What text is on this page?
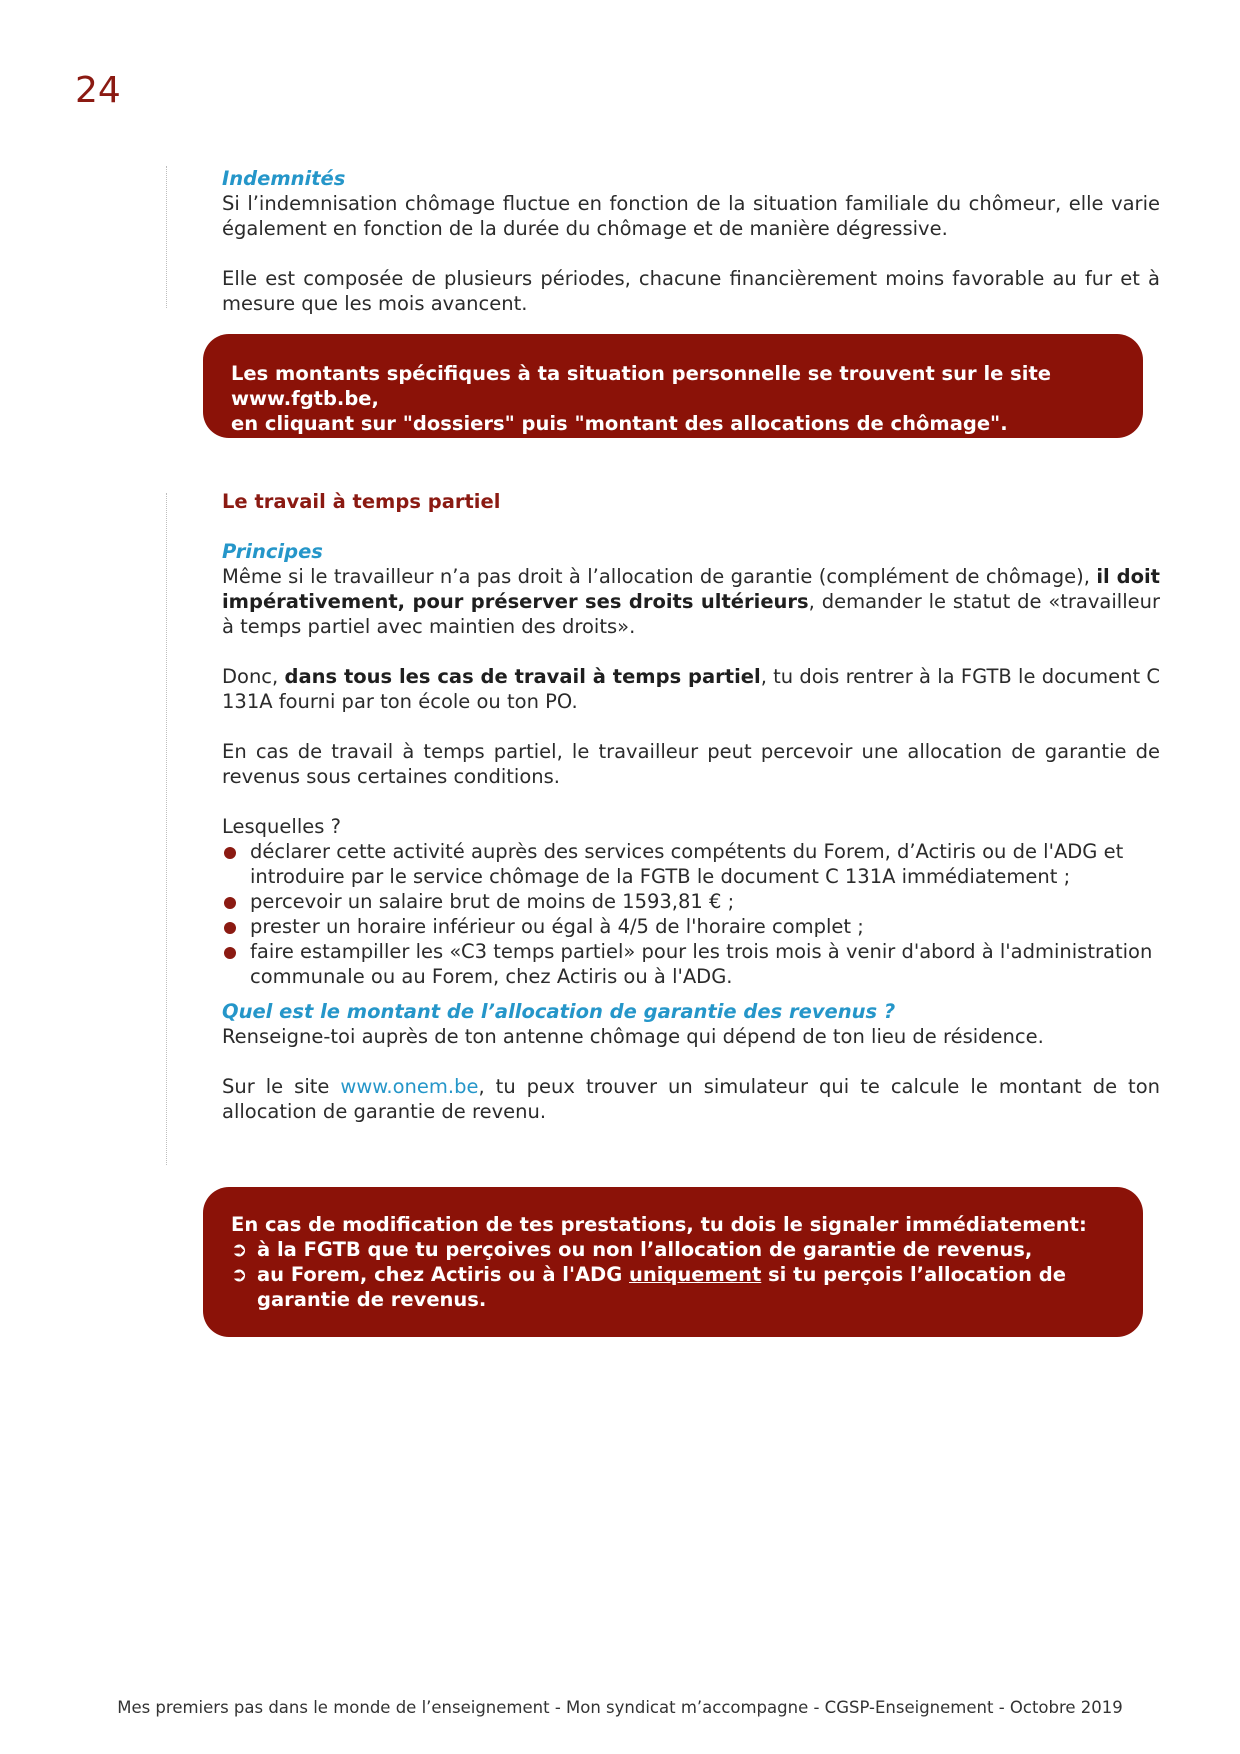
24
Indemnités

Si l’indemnisation chômage fluctue en fonction de la situation familiale du chômeur, elle varie également en fonction de la durée du chômage et de manière dégressive.

Elle est composée de plusieurs périodes, chacune financièrement moins favorable au fur et à mesure que les mois avancent.

Les montants spécifiques à ta situation personnelle se trouvent sur le site www.fgtb.be,
en cliquant sur "dossiers" puis "montant des allocations de chômage".
Le travail à temps partiel
Principes

Même si le travailleur n’a pas droit à l’allocation de garantie (complément de chômage), il doit impérativement, pour préserver ses droits ultérieurs, demander le statut de «travailleur à temps partiel avec maintien des droits».

Donc, dans tous les cas de travail à temps partiel, tu dois rentrer à la FGTB le document C 131A fourni par ton école ou ton PO.

En cas de travail à temps partiel, le travailleur peut percevoir une allocation de garantie de revenus sous certaines conditions.

Lesquelles ?

déclarer cette activité auprès des services compétents du Forem, d’Actiris ou de l'ADG et introduire par le service chômage de la FGTB le document C 131A immédiatement ;
percevoir un salaire brut de moins de 1593,81 € ;
prester un horaire inférieur ou égal à 4/5 de l'horaire complet ;
faire estampiller les «C3 temps partiel» pour les trois mois à venir d'abord à l'administration communale ou au Forem, chez Actiris ou à l'ADG.
Quel est le montant de l’allocation de garantie des revenus ?

Renseigne-toi auprès de ton antenne chômage qui dépend de ton lieu de résidence.

Sur le site www.onem.be, tu peux trouver un simulateur qui te calcule le montant de ton allocation de garantie de revenu.

En cas de modification de tes prestations, tu dois le signaler immédiatement:
➲ à la FGTB que tu perçoives ou non l’allocation de garantie de revenus,
➲ au Forem, chez Actiris ou à l'ADG uniquement si tu perçois l’allocation de garantie de revenus.
Mes premiers pas dans le monde de l’enseignement - Mon syndicat m’accompagne - CGSP-Enseignement - Octobre 2019
